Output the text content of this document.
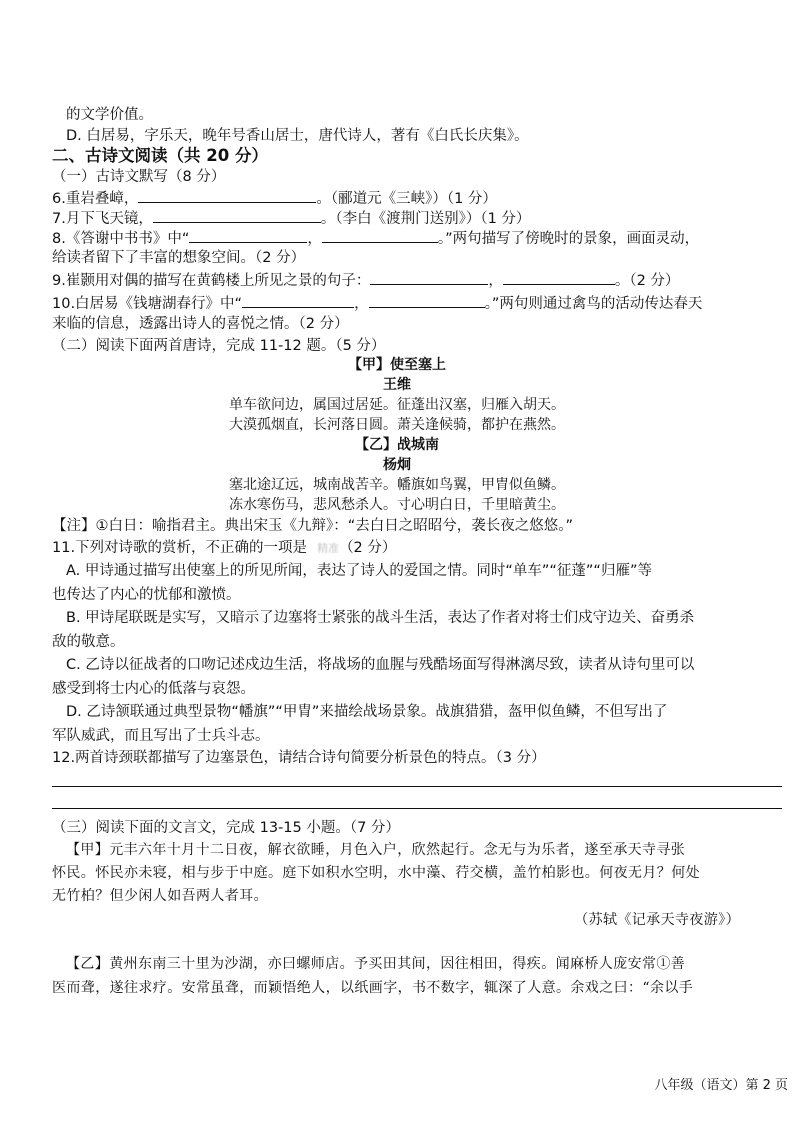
的文学价值。
D. 白居易，字乐天，晚年号香山居士，唐代诗人，著有《白氏长庆集》。
二、古诗文阅读（共 20 分）
（一）古诗文默写（8 分）
6.重岩叠嶂，	。（郦道元《三峡》）（1 分）
7.月下飞天镜，	。（李白《渡荆门送别》）（1 分）
8.《答谢中书书》中“	，	。”两句描写了傍晚时的景象，画面灵动，
给读者留下了丰富的想象空间。（2 分）
9.崔颢用对偶的描写在黄鹤楼上所见之景的句子：	，	。（2 分）
10.白居易《钱塘湖春行》中“	，	。”两句则通过禽鸟的活动传达春天
来临的信息，透露出诗人的喜悦之情。（2 分）
（二）阅读下面两首唐诗，完成 11-12 题。（5 分）
【甲】使至塞上
王维
单车欲问边，属国过居延。征蓬出汉塞，归雁入胡天。
大漠孤烟直，长河落日圆。萧关逢候骑，都护在燕然。
【乙】战城南
杨炯
塞北途辽远，城南战苦辛。幡旗如鸟翼，甲胄似鱼鳞。
冻水寒伤马，悲风愁杀人。寸心明白日，千里暗黄尘。
【注】①白日：喻指君主。典出宋玉《九辩》：“去白日之昭昭兮，袭长夜之悠悠。”
11.下列对诗歌的赏析，不正确的一项是 精准（2 分）
A. 甲诗通过描写出使塞上的所见所闻，表达了诗人的爱国之情。同时“单车”“征蓬”“归雁”等
也传达了内心的忧郁和激愤。
B. 甲诗尾联既是实写，又暗示了边塞将士紧张的战斗生活，表达了作者对将士们戍守边关、奋勇杀
敌的敬意。
C. 乙诗以征战者的口吻记述戍边生活，将战场的血腥与残酷场面写得淋漓尽致，读者从诗句里可以
感受到将士内心的低落与哀怨。
D. 乙诗颔联通过典型景物“幡旗”“甲胄”来描绘战场景象。战旗猎猎，盔甲似鱼鳞，不但写出了
军队威武，而且写出了士兵斗志。
12.两首诗颈联都描写了边塞景色，请结合诗句简要分析景色的特点。（3 分）
（三）阅读下面的文言文，完成 13-15 小题。（7 分）
【甲】元丰六年十月十二日夜，解衣欲睡，月色入户，欣然起行。念无与为乐者，遂至承天寺寻张
怀民。怀民亦未寝，相与步于中庭。庭下如积水空明，水中藻、荇交横，盖竹柏影也。何夜无月？何处
无竹柏？但少闲人如吾两人者耳。
（苏轼《记承天寺夜游》）
【乙】黄州东南三十里为沙湖，亦曰螺师店。予买田其间，因往相田，得疾。闻麻桥人庞安常①善
医而聋，遂往求疗。安常虽聋，而颖悟绝人，以纸画字，书不数字，辄深了人意。余戏之曰：“余以手
八年级（语文）第 2 页
